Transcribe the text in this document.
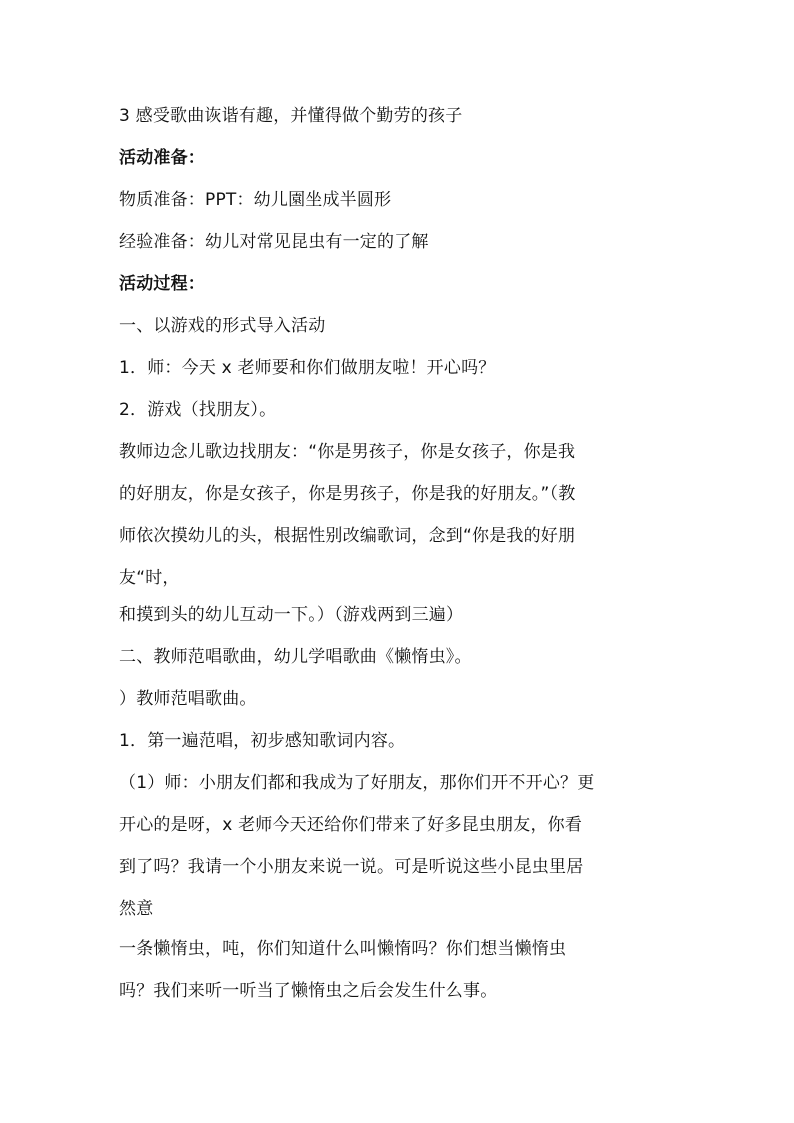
3 感受歌曲诙谐有趣，并懂得做个勤劳的孩子
活动准备：
物质准备：PPT：幼儿園坐成半圆形
经验准备：幼儿对常见昆虫有一定的了解
活动过程：
一、以游戏的形式导入活动
1．师：今天 x 老师要和你们做朋友啦！开心吗？
2．游戏（找朋友）。
教师边念儿歌边找朋友：“你是男孩子，你是女孩子，你是我
的好朋友，你是女孩子，你是男孩子，你是我的好朋友。”（教
师依次摸幼儿的头，根据性别改编歌词，念到“你是我的好朋
友“时，
和摸到头的幼儿互动一下。）（游戏两到三遍）
二、教师范唱歌曲，幼儿学唱歌曲《懒惰虫》。
）教师范唱歌曲。
1．第一遍范唱，初步感知歌词内容。
（1）师：小朋友们都和我成为了好朋友，那你们开不开心？更
开心的是呀，x 老师今天还给你们带来了好多昆虫朋友，你看
到了吗？我请一个小朋友来说一说。可是听说这些小昆虫里居
然意
一条懒惰虫，吨，你们知道什么叫懒惰吗？你们想当懒惰虫
吗？我们来听一听当了懒惰虫之后会发生什么事。
